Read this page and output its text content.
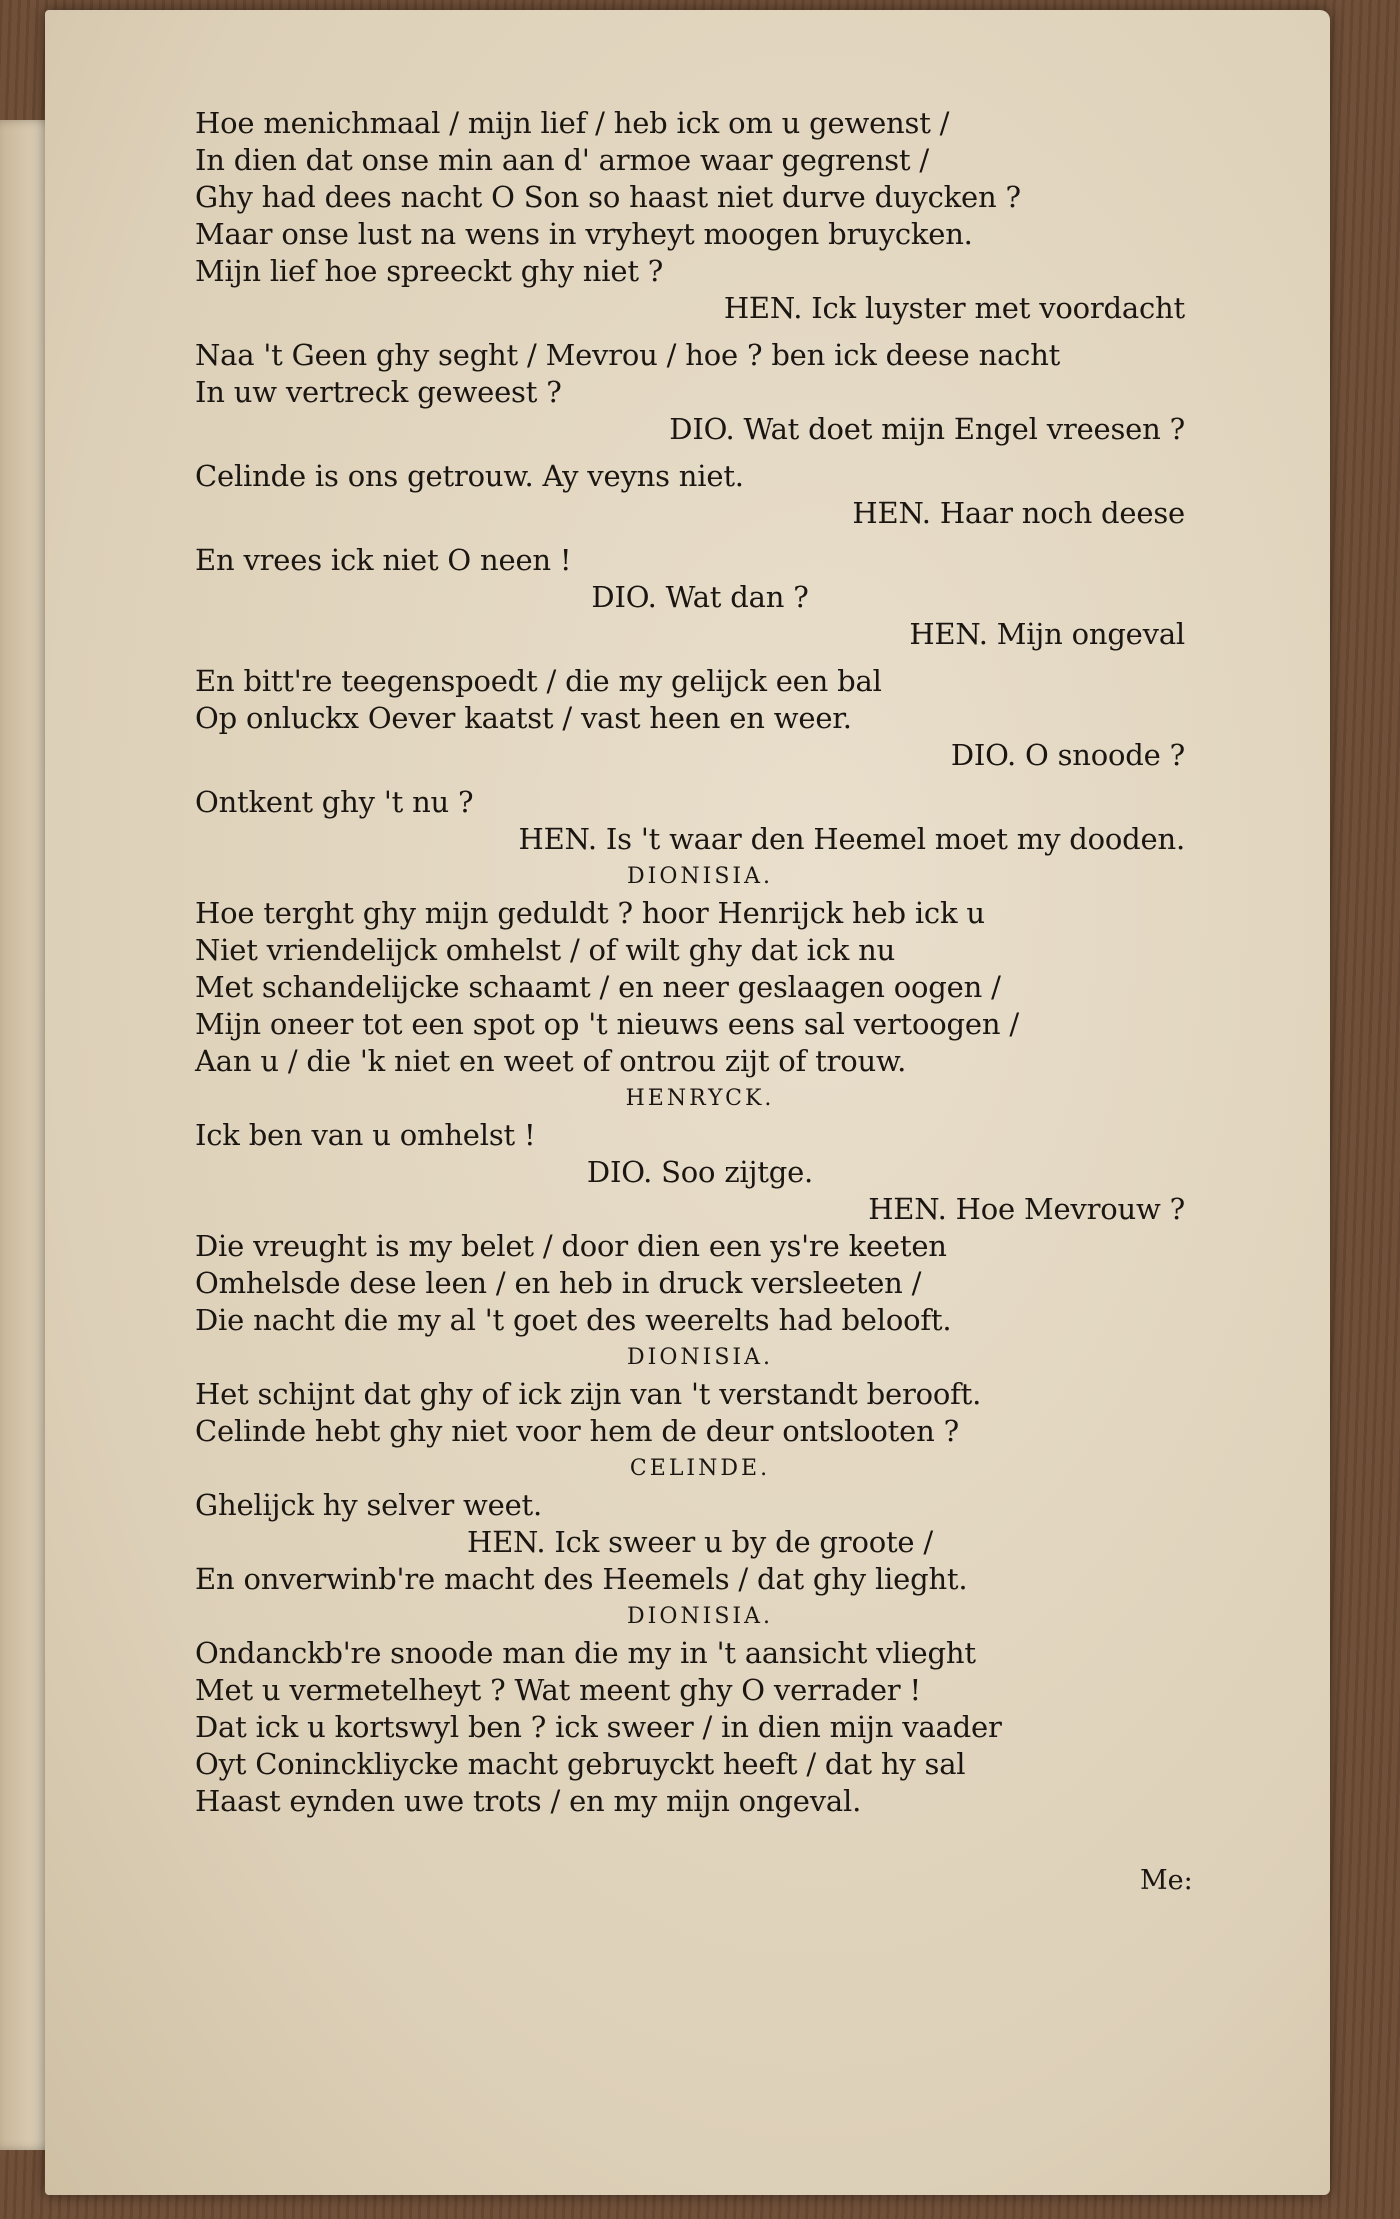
Hoe menichmaal / mijn lief / heb ick om u gewenst /
In dien dat onse min aan d' armoe waar gegrenst /
Ghy had dees nacht O Son so haast niet durve duycken ?
Maar onse lust na wens in vryheyt moogen bruycken.
Mijn lief hoe spreeckt ghy niet ?
HEN. Ick luyster met voordacht
Naa 't Geen ghy seght / Mevrou / hoe ? ben ick deese nacht
In uw vertreck geweest ?
DIO. Wat doet mijn Engel vreesen ?
Celinde is ons getrouw. Ay veyns niet.
HEN. Haar noch deese
En vrees ick niet O neen !
DIO. Wat dan ?
HEN. Mijn ongeval
En bitt're teegenspoedt / die my gelijck een bal
Op onluckx Oever kaatst / vast heen en weer.
DIO. O snoode ?
Ontkent ghy 't nu ?
HEN. Is 't waar den Heemel moet my dooden.
DIONISIA.
Hoe terght ghy mijn geduldt ? hoor Henrijck heb ick u
Niet vriendelijck omhelst / of wilt ghy dat ick nu
Met schandelijcke schaamt / en neer geslaagen oogen /
Mijn oneer tot een spot op 't nieuws eens sal vertoogen /
Aan u / die 'k niet en weet of ontrou zijt of trouw.
HENRYCK.
Ick ben van u omhelst !
DIO. Soo zijtge.
HEN. Hoe Mevrouw ?
Die vreught is my belet / door dien een ys're keeten
Omhelsde dese leen / en heb in druck versleeten /
Die nacht die my al 't goet des weerelts had belooft.
DIONISIA.
Het schijnt dat ghy of ick zijn van 't verstandt berooft.
Celinde hebt ghy niet voor hem de deur ontslooten ?
CELINDE.
Ghelijck hy selver weet.
HEN. Ick sweer u by de groote /
En onverwinb're macht des Heemels / dat ghy lieght.
DIONISIA.
Ondanckb're snoode man die my in 't aansicht vlieght
Met u vermetelheyt ? Wat meent ghy O verrader !
Dat ick u kortswyl ben ? ick sweer / in dien mijn vaader
Oyt Coninckliycke macht gebruyckt heeft / dat hy sal
Haast eynden uwe trots / en my mijn ongeval.
Me:
